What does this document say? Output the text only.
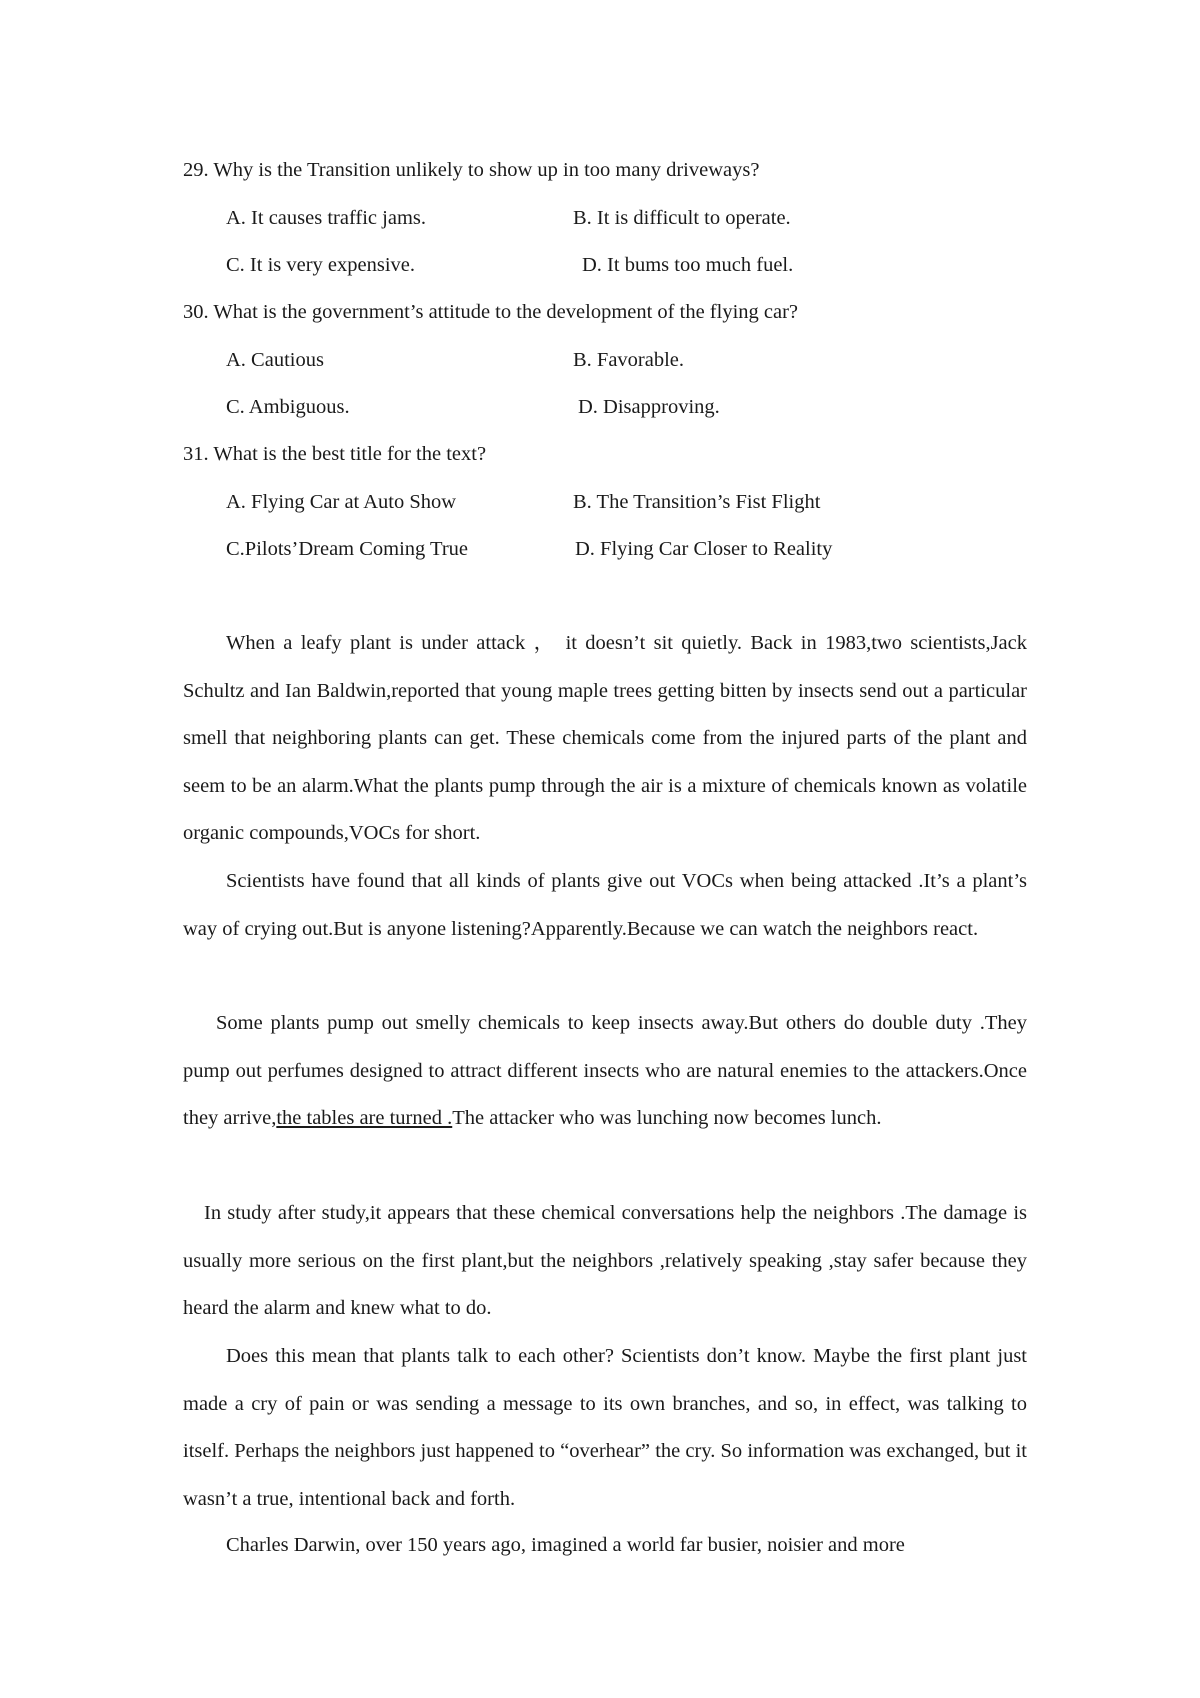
29. Why is the Transition unlikely to show up in too many driveways?
A. It causes traffic jams.	B. It is difficult to operate.
C. It is very expensive.	D. It bums too much fuel.
30. What is the government’s attitude to the development of the flying car?
A. Cautious	B. Favorable.
C. Ambiguous.	D. Disapproving.
31. What is the best title for the text?
A. Flying Car at Auto Show	B. The Transition’s Fist Flight
C.Pilots’Dream Coming True	D. Flying Car Closer to Reality
When a leafy plant is under attack ， it doesn’t sit quietly. Back in 1983,two scientists,Jack Schultz and Ian Baldwin,reported that young maple trees getting bitten by insects send out a particular smell that neighboring plants can get. These chemicals come from the injured parts of the plant and seem to be an alarm.What the plants pump through the air is a mixture of chemicals known as volatile organic compounds,VOCs for short.
Scientists have found that all kinds of plants give out VOCs when being attacked .It’s a plant’s way of crying out.But is anyone listening?Apparently.Because we can watch the neighbors react.
Some plants pump out smelly chemicals to keep insects away.But others do double duty .They pump out perfumes designed to attract different insects who are natural enemies to the attackers.Once they arrive,the tables are turned .The attacker who was lunching now becomes lunch.
In study after study,it appears that these chemical conversations help the neighbors .The damage is usually more serious on the first plant,but the neighbors ,relatively speaking ,stay safer because they heard the alarm and knew what to do.
Does this mean that plants talk to each other? Scientists don’t know. Maybe the first plant just made a cry of pain or was sending a message to its own branches, and so, in effect, was talking to itself. Perhaps the neighbors just happened to “overhear” the cry. So information was exchanged, but it wasn’t a true, intentional back and forth.
Charles Darwin, over 150 years ago, imagined a world far busier, noisier and more
